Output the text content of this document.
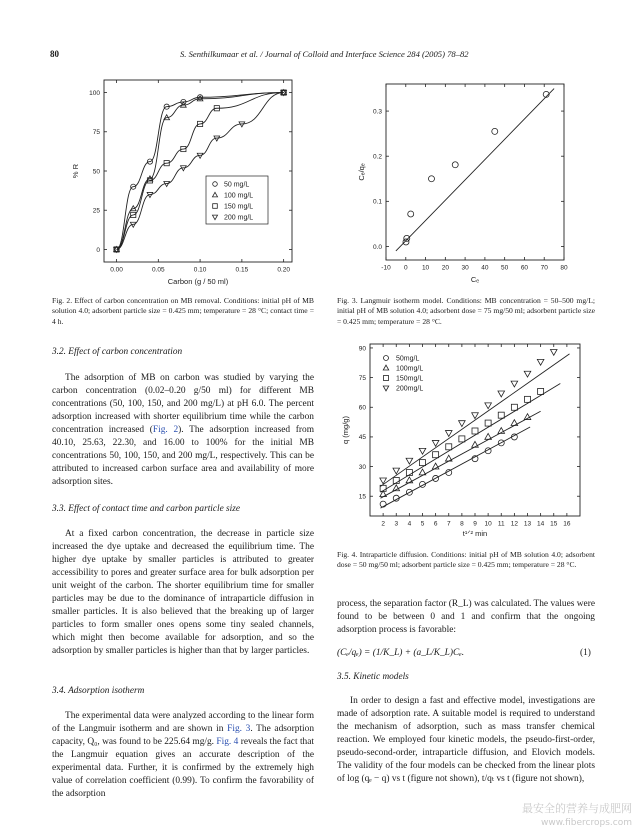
80	S. Senthilkumaar et al. / Journal of Colloid and Interface Science 284 (2005) 78–82
0.00	0.05	0.10	0.15	0.20
0
25
50
75
100
Carbon (g / 50 ml)
% R
50 mg/L
100 mg/L
150 mg/L
200 mg/L

Fig. 2. Effect of carbon concentration on MB removal. Conditions: initial pH of MB solution 4.0; adsorbent particle size = 0.425 mm; temperature = 28 °C; contact time = 4 h.

-10 0 10 20 30 40 50 60 70 80
0.0
0.1
0.2
0.3
Cₑ
Cₑ/qₑ

Fig. 3. Langmuir isotherm model. Conditions: MB concentration = 50–500 mg/L; initial pH of MB solution 4.0; adsorbent dose = 75 mg/50 ml; adsorbent particle size = 0.425 mm; temperature = 28 °C.

2 3 4 5 6 7 8 9 10 11 12 13 14 15 16
15
30
45
60
75
90
t¹ᐟ² min
q (mg/g)
50mg/L
100mg/L
150mg/L
200mg/L

Fig. 4. Intraparticle diffusion. Conditions: initial pH of MB solution 4.0; adsorbent dose = 50 mg/50 ml; adsorbent particle size = 0.425 mm; temperature = 28 °C.

3.2. Effect of carbon concentration

The adsorption of MB on carbon was studied by varying the carbon concentration (0.02–0.20 g/50 ml) for different MB concentrations (50, 100, 150, and 200 mg/L) at pH 6.0. The percent adsorption increased with shorter equilibrium time while the carbon concentration increased (Fig. 2). The adsorption increased from 40.10, 25.63, 22.30, and 16.00 to 100% for the initial MB concentrations 50, 100, 150, and 200 mg/L, respectively. This can be attributed to increased carbon surface area and availability of more adsorption sites.

3.3. Effect of contact time and carbon particle size

At a fixed carbon concentration, the decrease in particle size increased the dye uptake and decreased the equilibrium time. The higher dye uptake by smaller particles is attributed to greater accessibility to pores and greater surface area for bulk adsorption per unit weight of the carbon. The shorter equilibrium time for smaller particles may be due to the dominance of intraparticle diffusion in smaller particles. It is also believed that the breaking up of larger particles to form smaller ones opens some tiny sealed channels, which might then become available for adsorption, and so the adsorption by smaller particles is higher than that by larger particles.

3.4. Adsorption isotherm

The experimental data were analyzed according to the linear form of the Langmuir isotherm and are shown in Fig. 3. The adsorption capacity, Q₀, was found to be 225.64 mg/g. Fig. 4 reveals the fact that the Langmuir equation gives an accurate description of the experimental data. Further, it is confirmed by the extremely high value of correlation coefficient (0.99). To confirm the favorability of the adsorption

process, the separation factor (R_L) was calculated. The values were found to be between 0 and 1 and confirm that the ongoing adsorption process is favorable:

(Cₑ/qₑ) = (1/K_L) + (a_L/K_L)Cₑ.	(1)
3.5. Kinetic models

In order to design a fast and effective model, investigations are made of adsorption rate. A suitable model is required to understand the mechanism of adsorption, such as mass transfer chemical reaction. We employed four kinetic models, the pseudo-first-order, pseudo-second-order, intraparticle diffusion, and Elovich models. The validity of the four models can be checked from the linear plots of log (qₑ − q) vs t (figure not shown), t/qₜ vs t (figure not shown),

最安全的营养与成肥网
www.fibercrops.com
